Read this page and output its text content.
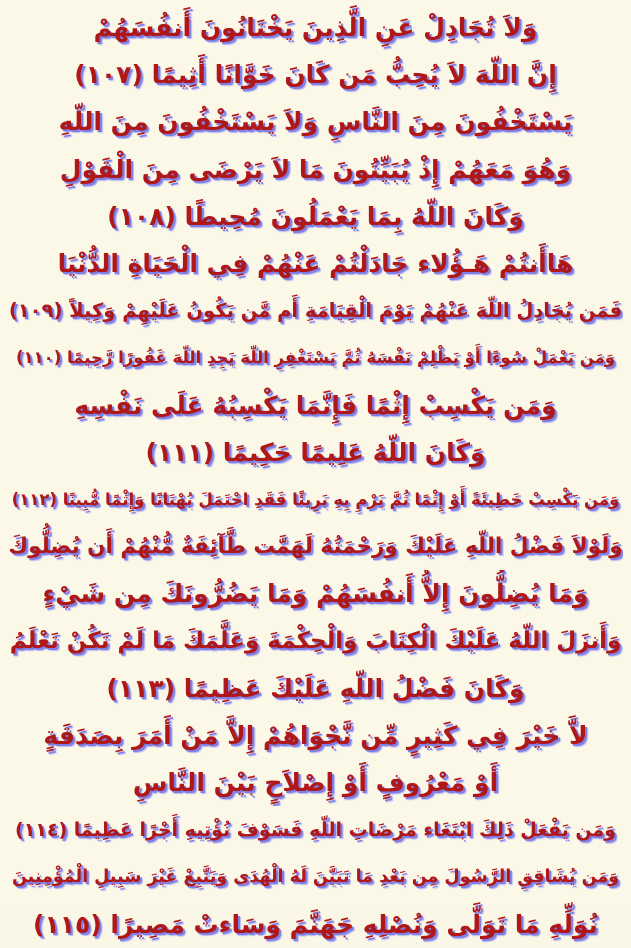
وَلاَ تُجَادِلْ عَنِ الَّذِينَ يَخْتَانُونَ أَنفُسَهُمْ
إِنَّ اللّهَ لاَ يُحِبُّ مَن كَانَ خَوَّانًا أَثِيمًا (١٠٧)
يَسْتَخْفُونَ مِنَ النَّاسِ وَلاَ يَسْتَخْفُونَ مِنَ اللّهِ
وَهُوَ مَعَهُمْ إِذْ يُبَيِّتُونَ مَا لاَ يَرْضَى مِنَ الْقَوْلِ
وَكَانَ اللّهُ بِمَا يَعْمَلُونَ مُحِيطًا (١٠٨)
هَاأَنتُمْ هَـؤُلاء جَادَلْتُمْ عَنْهُمْ فِي الْحَيَاةِ الدُّنْيَا
فَمَن يُجَادِلُ اللّهَ عَنْهُمْ يَوْمَ الْقِيَامَةِ أَم مَّن يَكُونُ عَلَيْهِمْ وَكِيلاً (١٠٩)
وَمَن يَعْمَلْ سُوءًا أَوْ يَظْلِمْ نَفْسَهُ ثُمَّ يَسْتَغْفِرِ اللّهَ يَجِدِ اللّهَ غَفُورًا رَّحِيمًا (١١٠)
وَمَن يَكْسِبْ إِثْمًا فَإِنَّمَا يَكْسِبُهُ عَلَى نَفْسِهِ
وَكَانَ اللّهُ عَلِيمًا حَكِيمًا (١١١)
وَمَن يَكْسِبْ خَطِيئَةً أَوْ إِثْمًا ثُمَّ يَرْمِ بِهِ بَرِيئًا فَقَدِ احْتَمَلَ بُهْتَانًا وَإِثْمًا مُّبِينًا (١١٢)
وَلَوْلاَ فَضْلُ اللّهِ عَلَيْكَ وَرَحْمَتُهُ لَهَمَّت طَّآئِفَةٌ مُّنْهُمْ أَن يُضِلُّوكَ
وَمَا يُضِلُّونَ إِلاُّ أَنفُسَهُمْ وَمَا يَضُرُّونَكَ مِن شَيْءٍ
وَأَنزَلَ اللّهُ عَلَيْكَ الْكِتَابَ وَالْحِكْمَةَ وَعَلَّمَكَ مَا لَمْ تَكُنْ تَعْلَمُ
وَكَانَ فَضْلُ اللّهِ عَلَيْكَ عَظِيمًا (١١٣)
لاَّ خَيْرَ فِي كَثِيرٍ مِّن نَّجْوَاهُمْ إِلاَّ مَنْ أَمَرَ بِصَدَقَةٍ
أَوْ مَعْرُوفٍ أَوْ إِصْلاَحٍ بَيْنَ النَّاسِ
وَمَن يَفْعَلْ ذَلِكَ ابْتَغَاء مَرْضَاتِ اللّهِ فَسَوْفَ نُؤْتِيهِ أَجْرًا عَظِيمًا (١١٤)
وَمَن يُشَاقِقِ الرَّسُولَ مِن بَعْدِ مَا تَبَيَّنَ لَهُ الْهُدَى وَيَتَّبِعْ غَيْرَ سَبِيلِ الْمُؤْمِنِينَ
نُوَلِّهِ مَا تَوَلَّى وَنُصْلِهِ جَهَنَّمَ وَسَاءتْ مَصِيرًا (١١٥)
